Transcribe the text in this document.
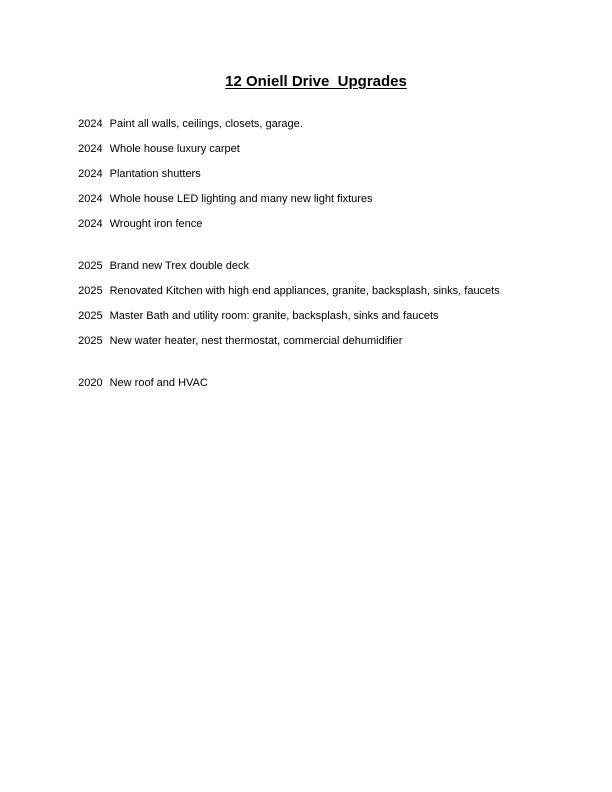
12 Oniell Drive  Upgrades

2024 Paint all walls, ceilings, closets, garage.

2024 Whole house luxury carpet

2024 Plantation shutters

2024 Whole house LED lighting and many new light fixtures

2024 Wrought iron fence

2025 Brand new Trex double deck

2025 Renovated Kitchen with high end appliances, granite, backsplash, sinks, faucets

2025 Master Bath and utility room: granite, backsplash, sinks and faucets

2025 New water heater, nest thermostat, commercial dehumidifier

2020 New roof and HVAC
